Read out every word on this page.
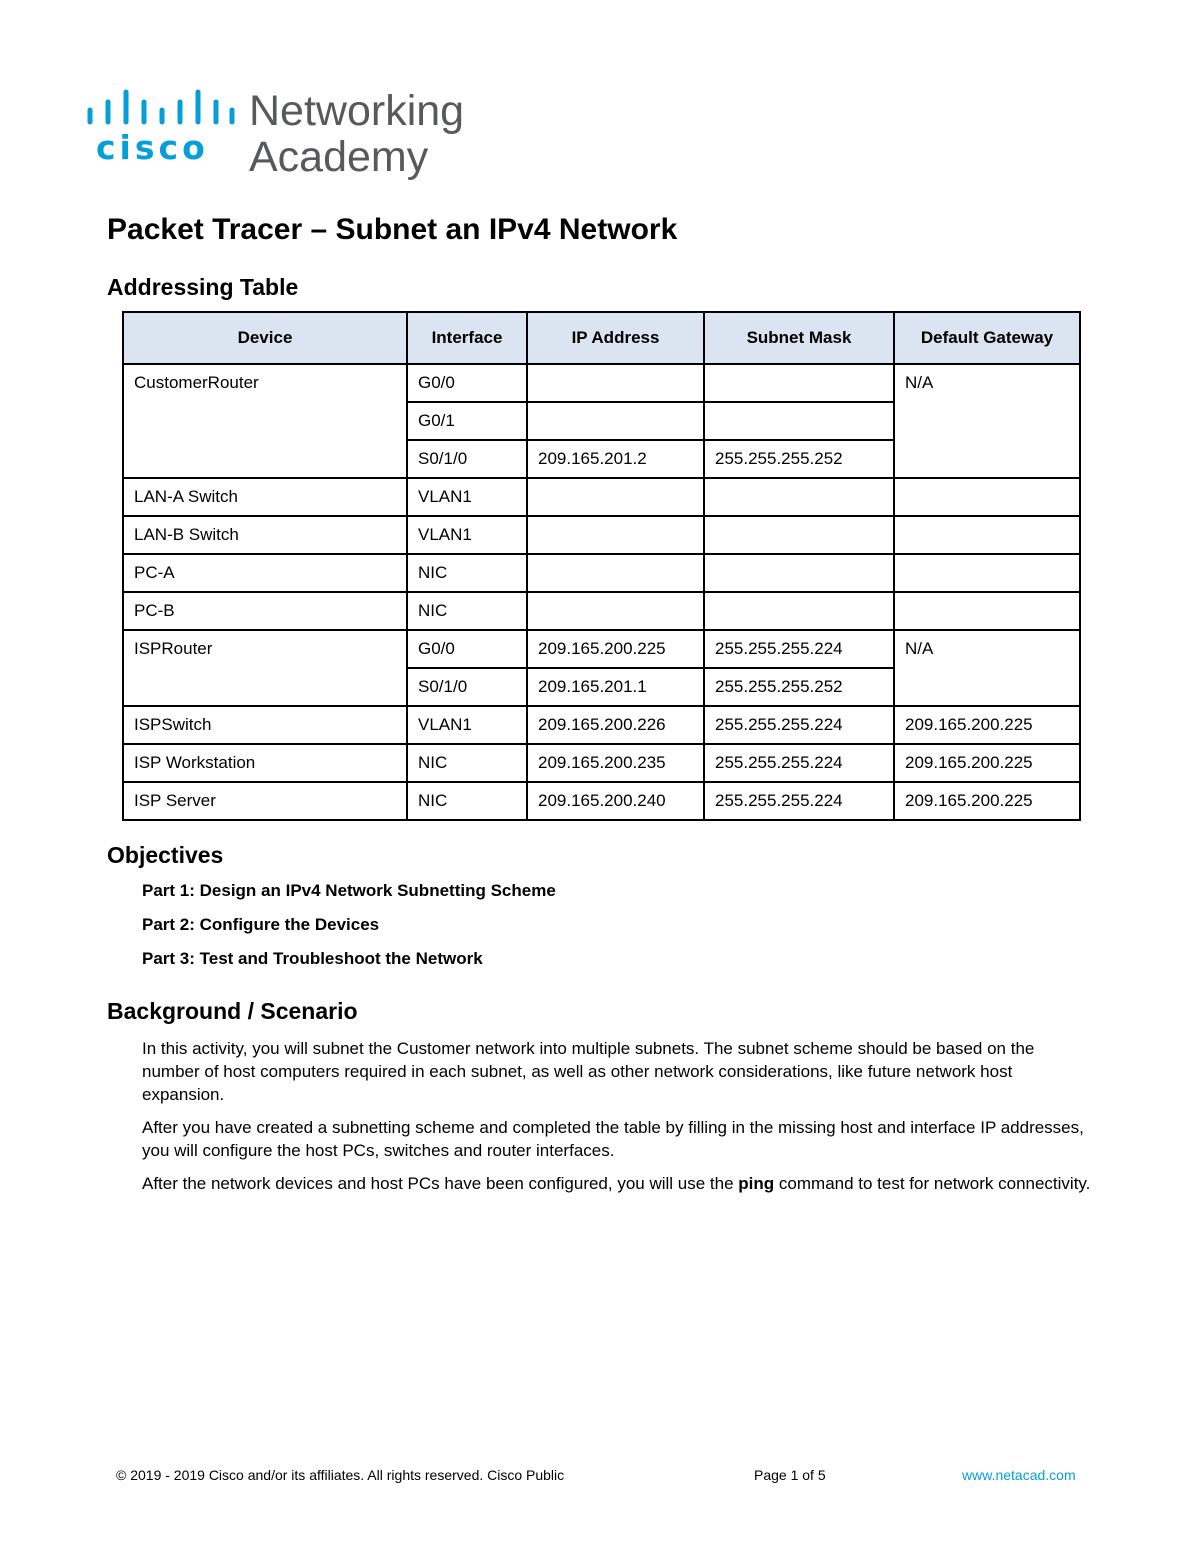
cisco
Networking
Academy
Packet Tracer – Subnet an IPv4 Network
Addressing Table
Device	Interface	IP Address	Subnet Mask	Default Gateway
CustomerRouter	G0/0			N/A
	G0/1			
	S0/1/0	209.165.201.2	255.255.255.252	
LAN-A Switch	VLAN1			
LAN-B Switch	VLAN1			
PC-A	NIC			
PC-B	NIC			
ISPRouter	G0/0	209.165.200.225	255.255.255.224	N/A
	S0/1/0	209.165.201.1	255.255.255.252	
ISPSwitch	VLAN1	209.165.200.226	255.255.255.224	209.165.200.225
ISP Workstation	NIC	209.165.200.235	255.255.255.224	209.165.200.225
ISP Server	NIC	209.165.200.240	255.255.255.224	209.165.200.225
Objectives

Part 1: Design an IPv4 Network Subnetting Scheme

Part 2: Configure the Devices

Part 3: Test and Troubleshoot the Network

Background / Scenario

In this activity, you will subnet the Customer network into multiple subnets. The subnet scheme should be based on the number of host computers required in each subnet, as well as other network considerations, like future network host expansion.

After you have created a subnetting scheme and completed the table by filling in the missing host and interface IP addresses, you will configure the host PCs, switches and router interfaces.

After the network devices and host PCs have been configured, you will use the ping command to test for network connectivity.

© 2019 - 2019 Cisco and/or its affiliates. All rights reserved. Cisco Public	Page 1 of 5	www.netacad.com
